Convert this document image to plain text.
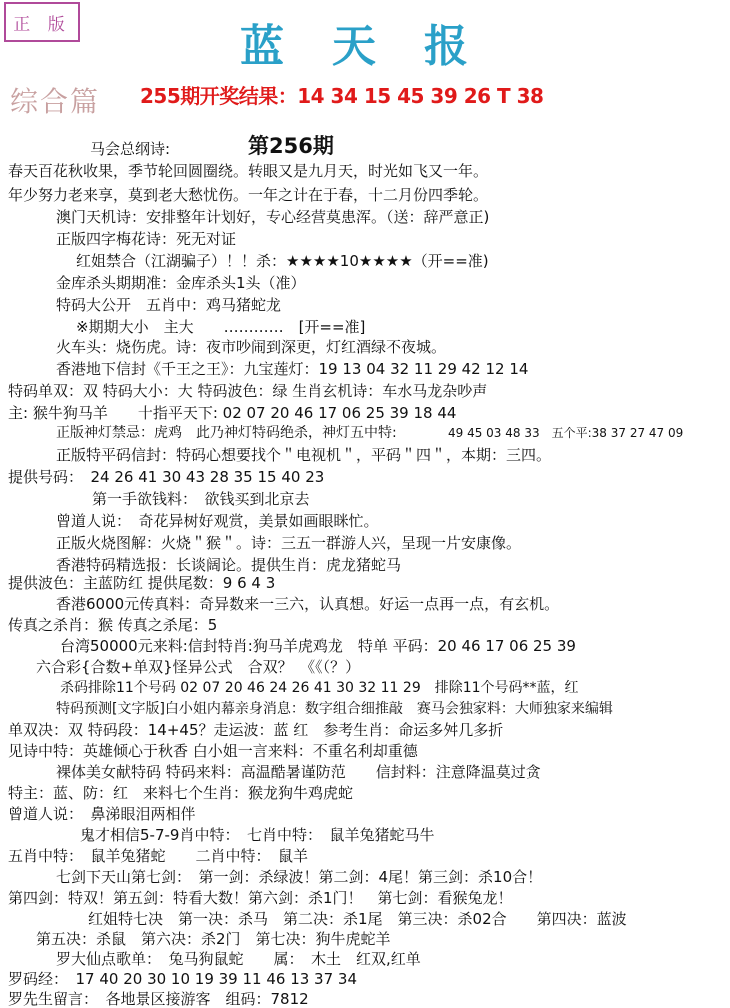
正 版	蓝天报
综合篇 255期开奖结果：14 34 15 45 39 26 T 38
第256期
马会总纲诗:
春天百花秋收果，季节轮回圆圈绕。转眼又是九月天，时光如飞又一年。
年少努力老来享，莫到老大愁忧伤。一年之计在于春，十二月份四季轮。
澳门天机诗：安排整年计划好，专心经营莫患浑。（送：辞严意正)
正版四字梅花诗：死无对证
红姐禁合（江湖骗子）！！杀：★★★★10★★★★（开==准)
金库杀头期期准：金库杀头1头（准）
特码大公开　五肖中：鸡马猪蛇龙
※期期大小　主大　　…………　[开==准]
火车头：烧伤虎。诗：夜市吵闹到深更，灯红酒绿不夜城。
香港地下信封《千王之王》：九宝莲灯：19 13 04 32 11 29 42 12 14
特码单双：双 特码大小：大 特码波色：绿 生肖玄机诗：车水马龙杂吵声
主: 猴牛狗马羊　　十指平天下: 02 07 20 46 17 06 25 39 18 44
正版神灯禁忌：虎鸡　此乃神灯特码绝杀，神灯五中特:	49 45 03 48 33　五个平:38 37 27 47 09
正版特平码信封：特码心想要找个＂电视机＂，平码＂四＂，本期：三四。
提供号码：　24 26 41 30 43 28 35 15 40 23
第一手欲钱料：　欲钱买到北京去
曾道人说：　奇花异树好观赏，美景如画眼眯忙。
正版火烧图解：火烧＂猴＂。诗：三五一群游人兴，呈现一片安康像。
香港特码精选报：长谈阔论。提供生肖：虎龙猪蛇马
提供波色：主蓝防红 提供尾数：9 6 4 3
香港6000元传真料：奇异数来一三六，认真想。好运一点再一点，有玄机。
传真之杀肖：猴 传真之杀尾：5
台湾50000元来料:信封特肖:狗马羊虎鸡龙　特单 平码：20 46 17 06 25 39
六合彩{合数+单双}怪异公式　合双？　《《（？）
杀码排除11个号码 02 07 20 46 24 26 41 30 32 11 29　排除11个号码**蓝，红
特码预测[文字版]白小姐内幕亲身消息：数字组合细推敲　赛马会独家料：大师独家来编辑
单双决：双 特码段：14+45？走运波：蓝 红　参考生肖：命运多舛几多折
见诗中特：英雄倾心于秋香 白小姐一言来料：不重名利却重德
裸体美女献特码 特码来料：高温酷暑谨防范　　信封料：注意降温莫过贪
特主：蓝、防：红　来料七个生肖：猴龙狗牛鸡虎蛇
曾道人说：　鼻涕眼泪两相伴
鬼才相信5-7-9肖中特：　七肖中特：　鼠羊兔猪蛇马牛
五肖中特：　鼠羊兔猪蛇　　二肖中特：　鼠羊
七剑下天山第七剑：　第一剑：杀绿波！第二剑：4尾！第三剑：杀10合！
第四剑：特双！第五剑：特看大数！第六剑：杀1门！　第七剑：看猴兔龙！
红姐特七决　第一决：杀马　第二决：杀1尾　第三决：杀02合　　第四决：蓝波
第五决：杀鼠　第六决：杀2门　第七决：狗牛虎蛇羊
罗大仙点歌单：　兔马狗鼠蛇　　属：　木土　红双,红单
罗码经：　17 40 20 30 10 19 39 11 46 13 37 34
罗先生留言：　各地景区接游客　组码：7812
